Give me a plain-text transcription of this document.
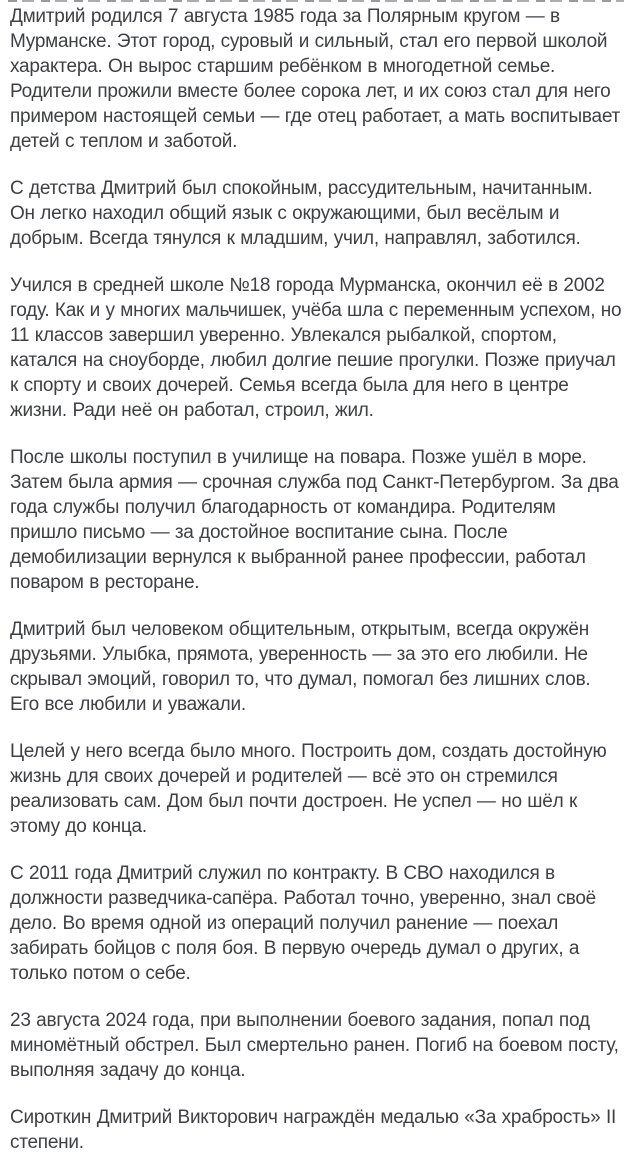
Дмитрий родился 7 августа 1985 года за Полярным кругом — в Мурманске. Этот город, суровый и сильный, стал его первой школой характера. Он вырос старшим ребёнком в многодетной семье. Родители прожили вместе более сорока лет, и их союз стал для него примером настоящей семьи — где отец работает, а мать воспитывает детей с теплом и заботой.

С детства Дмитрий был спокойным, рассудительным, начитанным. Он легко находил общий язык с окружающими, был весёлым и добрым. Всегда тянулся к младшим, учил, направлял, заботился.

Учился в средней школе №18 города Мурманска, окончил её в 2002 году. Как и у многих мальчишек, учёба шла с переменным успехом, но 11 классов завершил уверенно. Увлекался рыбалкой, спортом, катался на сноуборде, любил долгие пешие прогулки. Позже приучал к спорту и своих дочерей. Семья всегда была для него в центре жизни. Ради неё он работал, строил, жил.

После школы поступил в училище на повара. Позже ушёл в море. Затем была армия — срочная служба под Санкт-Петербургом. За два года службы получил благодарность от командира. Родителям пришло письмо — за достойное воспитание сына. После демобилизации вернулся к выбранной ранее профессии, работал поваром в ресторане.

Дмитрий был человеком общительным, открытым, всегда окружён друзьями. Улыбка, прямота, уверенность — за это его любили. Не скрывал эмоций, говорил то, что думал, помогал без лишних слов. Его все любили и уважали.

Целей у него всегда было много. Построить дом, создать достойную жизнь для своих дочерей и родителей — всё это он стремился реализовать сам. Дом был почти достроен. Не успел — но шёл к этому до конца.

С 2011 года Дмитрий служил по контракту. В СВО находился в должности разведчика-сапёра. Работал точно, уверенно, знал своё дело. Во время одной из операций получил ранение — поехал забирать бойцов с поля боя. В первую очередь думал о других, а только потом о себе.

23 августа 2024 года, при выполнении боевого задания, попал под миномётный обстрел. Был смертельно ранен. Погиб на боевом посту, выполняя задачу до конца.

Сироткин Дмитрий Викторович награждён медалью «За храбрость» II степени.
